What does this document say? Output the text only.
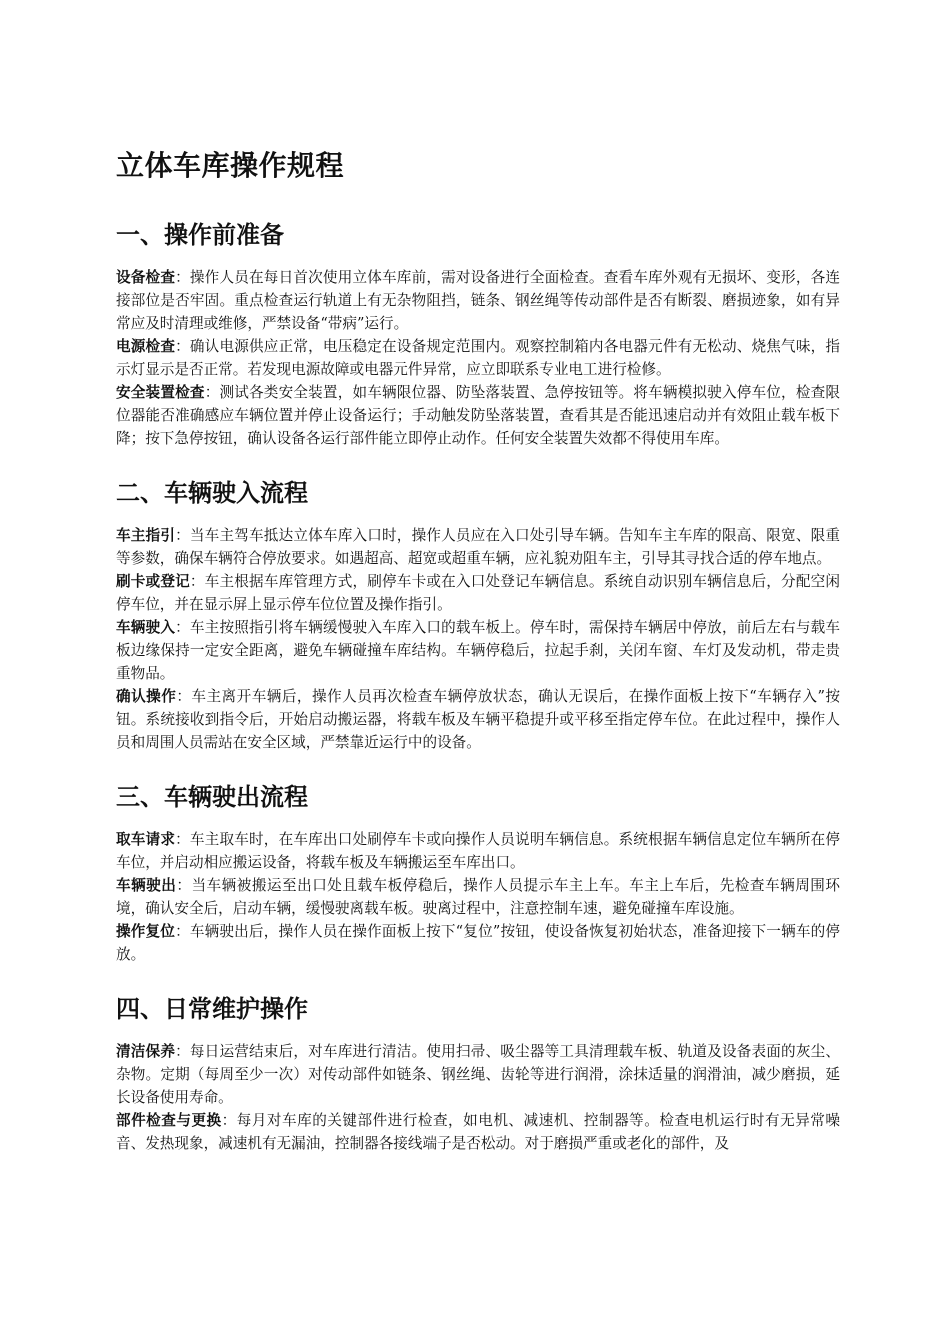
立体车库操作规程
一、操作前准备

设备检查：操作人员在每日首次使用立体车库前，需对设备进行全面检查。查看车库外观有无损坏、变形，各连接部位是否牢固。重点检查运行轨道上有无杂物阻挡，链条、钢丝绳等传动部件是否有断裂、磨损迹象，如有异常应及时清理或维修，严禁设备“带病”运行。

电源检查：确认电源供应正常，电压稳定在设备规定范围内。观察控制箱内各电器元件有无松动、烧焦气味，指示灯显示是否正常。若发现电源故障或电器元件异常，应立即联系专业电工进行检修。

安全装置检查：测试各类安全装置，如车辆限位器、防坠落装置、急停按钮等。将车辆模拟驶入停车位，检查限位器能否准确感应车辆位置并停止设备运行；手动触发防坠落装置，查看其是否能迅速启动并有效阻止载车板下降；按下急停按钮，确认设备各运行部件能立即停止动作。任何安全装置失效都不得使用车库。

二、车辆驶入流程

车主指引：当车主驾车抵达立体车库入口时，操作人员应在入口处引导车辆。告知车主车库的限高、限宽、限重等参数，确保车辆符合停放要求。如遇超高、超宽或超重车辆，应礼貌劝阻车主，引导其寻找合适的停车地点。

刷卡或登记：车主根据车库管理方式，刷停车卡或在入口处登记车辆信息。系统自动识别车辆信息后，分配空闲停车位，并在显示屏上显示停车位位置及操作指引。

车辆驶入：车主按照指引将车辆缓慢驶入车库入口的载车板上。停车时，需保持车辆居中停放，前后左右与载车板边缘保持一定安全距离，避免车辆碰撞车库结构。车辆停稳后，拉起手刹，关闭车窗、车灯及发动机，带走贵重物品。

确认操作：车主离开车辆后，操作人员再次检查车辆停放状态，确认无误后，在操作面板上按下“车辆存入”按钮。系统接收到指令后，开始启动搬运器，将载车板及车辆平稳提升或平移至指定停车位。在此过程中，操作人员和周围人员需站在安全区域，严禁靠近运行中的设备。

三、车辆驶出流程

取车请求：车主取车时，在车库出口处刷停车卡或向操作人员说明车辆信息。系统根据车辆信息定位车辆所在停车位，并启动相应搬运设备，将载车板及车辆搬运至车库出口。

车辆驶出：当车辆被搬运至出口处且载车板停稳后，操作人员提示车主上车。车主上车后，先检查车辆周围环境，确认安全后，启动车辆，缓慢驶离载车板。驶离过程中，注意控制车速，避免碰撞车库设施。

操作复位：车辆驶出后，操作人员在操作面板上按下“复位”按钮，使设备恢复初始状态，准备迎接下一辆车的停放。

四、日常维护操作

清洁保养：每日运营结束后，对车库进行清洁。使用扫帚、吸尘器等工具清理载车板、轨道及设备表面的灰尘、杂物。定期（每周至少一次）对传动部件如链条、钢丝绳、齿轮等进行润滑，涂抹适量的润滑油，减少磨损，延长设备使用寿命。

部件检查与更换：每月对车库的关键部件进行检查，如电机、减速机、控制器等。检查电机运行时有无异常噪音、发热现象，减速机有无漏油，控制器各接线端子是否松动。对于磨损严重或老化的部件，及
